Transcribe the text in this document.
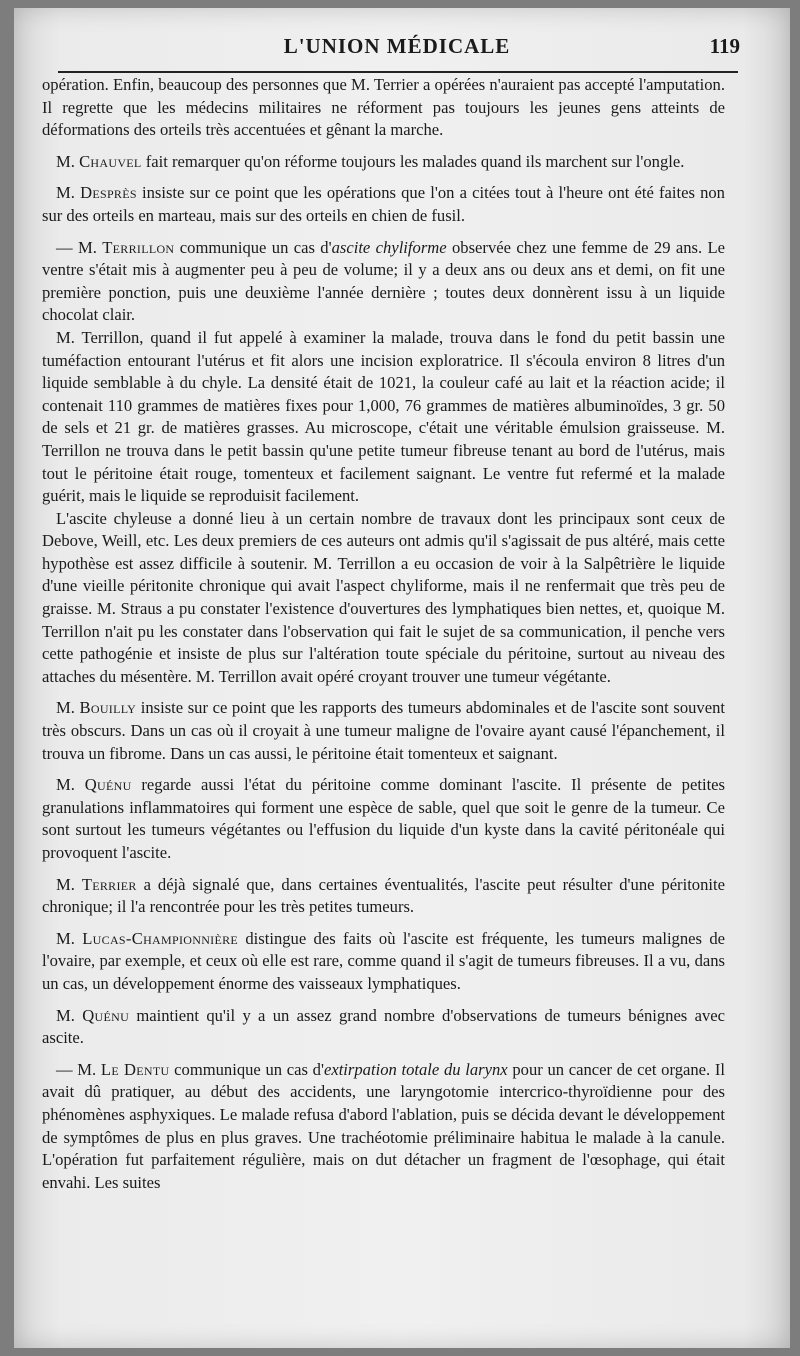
L'UNION MÉDICALE	119

opération. Enfin, beaucoup des personnes que M. Terrier a opérées n'auraient pas accepté l'amputation. Il regrette que les médecins militaires ne réforment pas toujours les jeunes gens atteints de déformations des orteils très accentuées et gênant la marche.

M. Chauvel fait remarquer qu'on réforme toujours les malades quand ils marchent sur l'ongle.

M. Desprès insiste sur ce point que les opérations que l'on a citées tout à l'heure ont été faites non sur des orteils en marteau, mais sur des orteils en chien de fusil.

— M. Terrillon communique un cas d'ascite chyliforme observée chez une femme de 29 ans. Le ventre s'était mis à augmenter peu à peu de volume; il y a deux ans ou deux ans et demi, on fit une première ponction, puis une deuxième l'année dernière ; toutes deux donnèrent issu à un liquide chocolat clair.

M. Terrillon, quand il fut appelé à examiner la malade, trouva dans le fond du petit bassin une tuméfaction entourant l'utérus et fit alors une incision exploratrice. Il s'écoula environ 8 litres d'un liquide semblable à du chyle. La densité était de 1021, la couleur café au lait et la réaction acide; il contenait 110 grammes de matières fixes pour 1,000, 76 grammes de matières albuminoïdes, 3 gr. 50 de sels et 21 gr. de matières grasses. Au microscope, c'était une véritable émulsion graisseuse. M. Terrillon ne trouva dans le petit bassin qu'une petite tumeur fibreuse tenant au bord de l'utérus, mais tout le péritoine était rouge, tomenteux et facilement saignant. Le ventre fut refermé et la malade guérit, mais le liquide se reproduisit facilement.

L'ascite chyleuse a donné lieu à un certain nombre de travaux dont les principaux sont ceux de Debove, Weill, etc. Les deux premiers de ces auteurs ont admis qu'il s'agissait de pus altéré, mais cette hypothèse est assez difficile à soutenir. M. Terrillon a eu occasion de voir à la Salpêtrière le liquide d'une vieille péritonite chronique qui avait l'aspect chyliforme, mais il ne renfermait que très peu de graisse. M. Straus a pu constater l'existence d'ouvertures des lymphatiques bien nettes, et, quoique M. Terrillon n'ait pu les constater dans l'observation qui fait le sujet de sa communication, il penche vers cette pathogénie et insiste de plus sur l'altération toute spéciale du péritoine, surtout au niveau des attaches du mésentère. M. Terrillon avait opéré croyant trouver une tumeur végétante.

M. Bouilly insiste sur ce point que les rapports des tumeurs abdominales et de l'ascite sont souvent très obscurs. Dans un cas où il croyait à une tumeur maligne de l'ovaire ayant causé l'épanchement, il trouva un fibrome. Dans un cas aussi, le péritoine était tomenteux et saignant.

M. Quénu regarde aussi l'état du péritoine comme dominant l'ascite. Il présente de petites granulations inflammatoires qui forment une espèce de sable, quel que soit le genre de la tumeur. Ce sont surtout les tumeurs végétantes ou l'effusion du liquide d'un kyste dans la cavité péritonéale qui provoquent l'ascite.

M. Terrier a déjà signalé que, dans certaines éventualités, l'ascite peut résulter d'une péritonite chronique; il l'a rencontrée pour les très petites tumeurs.

M. Lucas-Championnière distingue des faits où l'ascite est fréquente, les tumeurs malignes de l'ovaire, par exemple, et ceux où elle est rare, comme quand il s'agit de tumeurs fibreuses. Il a vu, dans un cas, un développement énorme des vaisseaux lymphatiques.

M. Quénu maintient qu'il y a un assez grand nombre d'observations de tumeurs bénignes avec ascite.

— M. Le Dentu communique un cas d'extirpation totale du larynx pour un cancer de cet organe. Il avait dû pratiquer, au début des accidents, une laryngotomie intercrico-thyroïdienne pour des phénomènes asphyxiques. Le malade refusa d'abord l'ablation, puis se décida devant le développement de symptômes de plus en plus graves. Une trachéotomie préliminaire habitua le malade à la canule. L'opération fut parfaitement régulière, mais on dut détacher un fragment de l'œsophage, qui était envahi. Les suites
